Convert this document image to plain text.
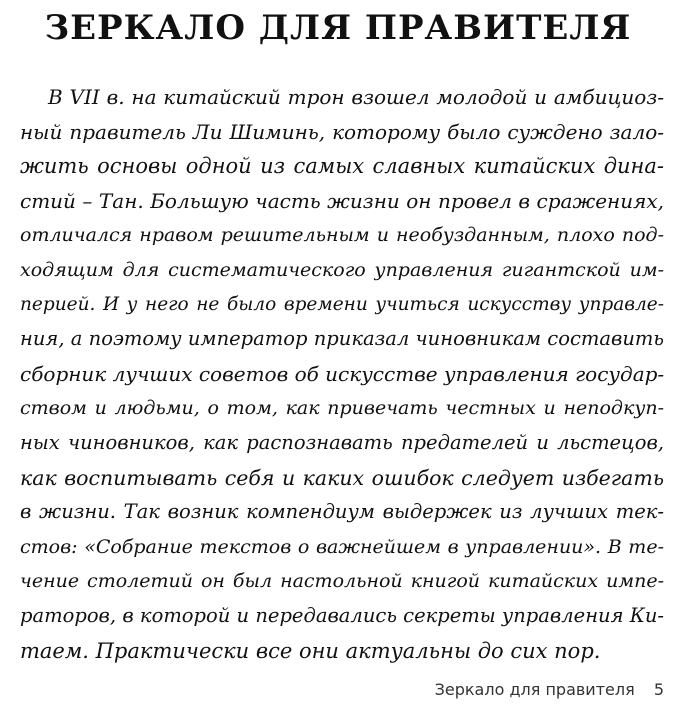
ЗЕРКАЛО ДЛЯ ПРАВИТЕЛЯ
В VII в. на китайский трон взошел молодой и амбициоз-
ный правитель Ли Шиминь, которому было суждено зало-
жить основы одной из самых славных китайских дина-
стий – Тан. Большую часть жизни он провел в сражениях,
отличался нравом решительным и необузданным, плохо под-
ходящим для систематического управления гигантской им-
перией. И у него не было времени учиться искусству управле-
ния, а поэтому император приказал чиновникам составить
сборник лучших советов об искусстве управления государ-
ством и людьми, о том, как привечать честных и неподкуп-
ных чиновников, как распознавать предателей и льстецов,
как воспитывать себя и каких ошибок следует избегать
в жизни. Так возник компендиум выдержек из лучших тек-
стов: «Собрание текстов о важнейшем в управлении». В те-
чение столетий он был настольной книгой китайских импе-
раторов, в которой и передавались секреты управления Ки-
таем. Практически все они актуальны до сих пор.
Зеркало для правителя 5
